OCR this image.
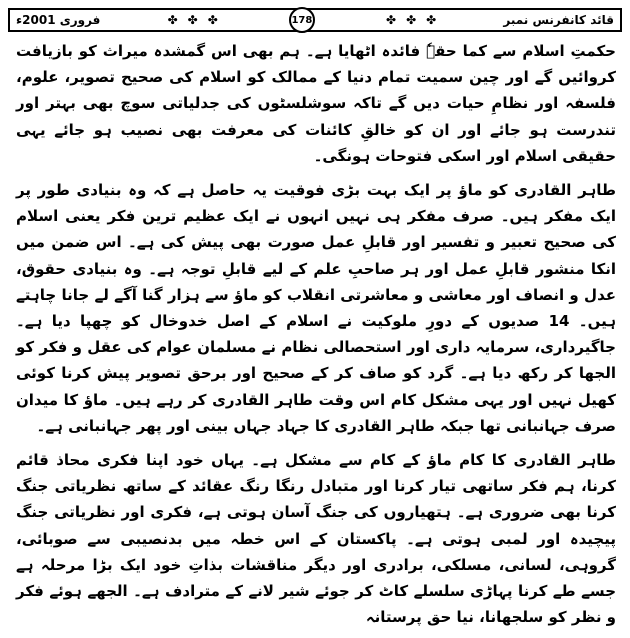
فروری 2001ء	✤ ✤ ✤	178	✤ ✤ ✤	قائد کانفرنس نمبر

حکمتِ اسلام سے کما حقہٗ فائدہ اٹھایا ہے۔ ہم بھی اس گمشدہ میراث کو بازیافت کروائیں گے اور چین سمیت تمام دنیا کے ممالک کو اسلام کی صحیح تصویر، علوم، فلسفہ اور نظامِ حیات دیں گے تاکہ سوشلسٹوں کی جدلیاتی سوچ بھی بہتر اور تندرست ہو جائے اور ان کو خالقِ کائنات کی معرفت بھی نصیب ہو جائے یہی حقیقی اسلام اور اسکی فتوحات ہونگی۔

طاہر القادری کو ماؤ پر ایک بہت بڑی فوقیت یہ حاصل ہے کہ وہ بنیادی طور پر ایک مفکر ہیں۔ صرف مفکر ہی نہیں انہوں نے ایک عظیم ترین فکر یعنی اسلام کی صحیح تعبیر و تفسیر اور قابلِ عمل صورت بھی پیش کی ہے۔ اس ضمن میں انکا منشور قابلِ عمل اور ہر صاحبِ علم کے لیے قابلِ توجہ ہے۔ وہ بنیادی حقوق، عدل و انصاف اور معاشی و معاشرتی انقلاب کو ماؤ سے ہزار گنا آگے لے جانا چاہتے ہیں۔ 14 صدیوں کے دورِ ملوکیت نے اسلام کے اصل خدوخال کو چھپا دیا ہے۔ جاگیرداری، سرمایہ داری اور استحصالی نظام نے مسلمان عوام کی عقل و فکر کو الجھا کر رکھ دیا ہے۔ گرد کو صاف کر کے صحیح اور برحق تصویر پیش کرنا کوئی کھیل نہیں اور یہی مشکل کام اس وقت طاہر القادری کر رہے ہیں۔ ماؤ کا میدان صرف جہانبانی تھا جبکہ طاہر القادری کا جہاد جہاں بینی اور پھر جہانبانی ہے۔

طاہر القادری کا کام ماؤ کے کام سے مشکل ہے۔ یہاں خود اپنا فکری محاذ قائم کرنا، ہم فکر ساتھی تیار کرنا اور متبادل رنگا رنگ عقائد کے ساتھ نظریاتی جنگ کرنا بھی ضروری ہے۔ ہتھیاروں کی جنگ آسان ہوتی ہے، فکری اور نظریاتی جنگ پیچیدہ اور لمبی ہوتی ہے۔ پاکستان کے اس خطہ میں بدنصیبی سے صوبائی، گروہی، لسانی، مسلکی، برادری اور دیگر مناقشات بذاتِ خود ایک بڑا مرحلہ ہے جسے طے کرنا پہاڑی سلسلے کاٹ کر جوئے شیر لانے کے مترادف ہے۔ الجھے ہوئے فکر و نظر کو سلجھانا، نیا حق پرستانہ
